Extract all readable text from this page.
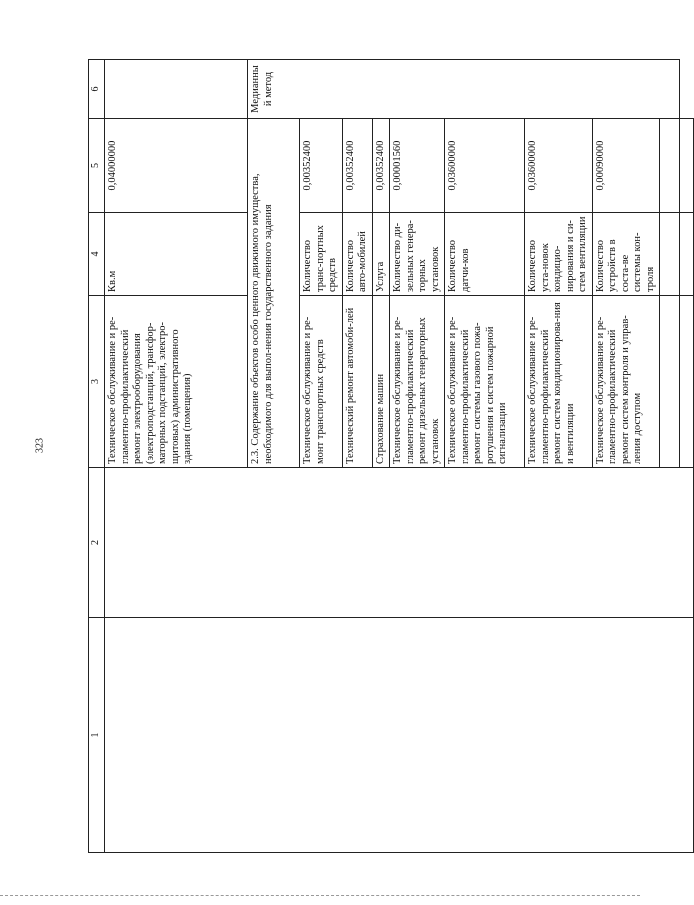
323
1	2	3	4	5	6
		Техническое обслуживание и ре-гламентно-профилактический ремонт электрооборудования (электроподстанций, трансфор-маторных подстанций, электро-щитовых) административного здания (помещения)	Кв.м	0,04000000	
		2.3. Содержание объектов особо ценного движимого имущества, необходимого для выпол-нения государственного задания			Медианный метод
		Техническое обслуживание и ре-монт транспортных средств	Количество транс-портных средств	0,00352400	
		Технический ремонт автомоби-лей	Количество авто-мобилей	0,00352400	
		Страхование машин	Услуга	0,00352400	
		Техническое обслуживание и ре-гламентно-профилактический ремонт дизельных генераторных установок	Количество ди-зельных генера-торных установок	0,00001560	
		Техническое обслуживание и ре-гламентно-профилактический ремонт системы газового пожа-ротушения и систем пожарной сигнализации	Количество датчи-ков	0,03600000	
		Техническое обслуживание и ре-гламентно-профилактический ремонт систем кондиционирова-ния и вентиляции	Количество уста-новок кондицио-нирования и си-стем вентиляции	0,03600000	
		Техническое обслуживание и ре-гламентно-профилактический ремонт систем контроля и управ-ления доступом	Количество устройств в соста-ве системы кон-троля	0,00090000	
